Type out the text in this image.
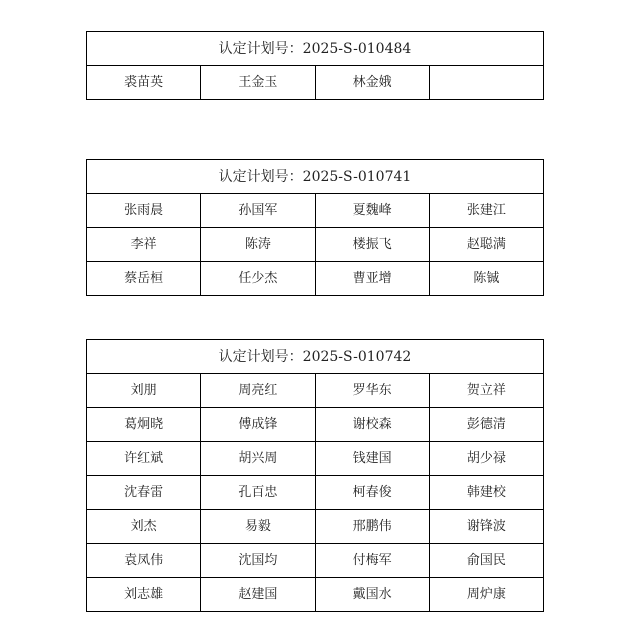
认定计划号：2025-S-010484
裘苗英	王金玉	林金娥	
认定计划号：2025-S-010741			
张雨晨	孙国军	夏魏峰	张建江
李祥	陈涛	楼振飞	赵聪满
蔡岳桓	任少杰	曹亚增	陈铖
认定计划号：2025-S-010742			
刘朋	周亮红	罗华东	贺立祥
葛炯晓	傅成锋	谢校森	彭德清
许红斌	胡兴周	钱建国	胡少禄
沈春雷	孔百忠	柯春俊	韩建校
刘杰	易毅	邢鹏伟	谢锋波
袁凤伟	沈国均	付梅军	俞国民
刘志雄	赵建国	戴国水	周炉康
